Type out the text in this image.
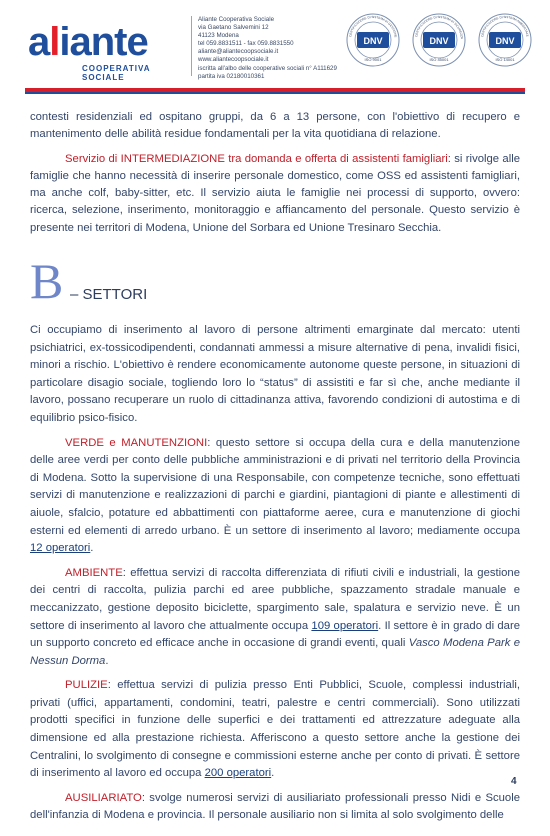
aliante
COOPERATIVA SOCIALE
Aliante Cooperativa Sociale
via Gaetano Salvemini 12
41123 Modena
tel 059.8831511 - fax 059.8831550
aliante@aliantecoopsociale.it
www.aliantecoopsociale.it
iscritta all'albo delle cooperative sociali n° A111629
partita iva 02180010361
DNV
ISO 9001
CERTIFICAZIONE DI SISTEMA DI GESTIONE	DNV
ISO 45001
CERTIFICAZIONE DI SISTEMA DI SICUREZZA	DNV
ISO 14001
CERTIFICAZIONE DI SISTEMA AMBIENTALE

contesti residenziali ed ospitano gruppi, da 6 a 13 persone, con l'obiettivo di recupero e mantenimento delle abilità residue fondamentali per la vita quotidiana di relazione.

Servizio di INTERMEDIAZIONE tra domanda e offerta di assistenti famigliari: si rivolge alle famiglie che hanno necessità di inserire personale domestico, come OSS ed assistenti famigliari, ma anche colf, baby-sitter, etc. Il servizio aiuta le famiglie nei processi di supporto, ovvero: ricerca, selezione, inserimento, monitoraggio e affiancamento del personale. Questo servizio è presente nei territori di Modena, Unione del Sorbara ed Unione Tresinaro Secchia.

B – SETTORI

Ci occupiamo di inserimento al lavoro di persone altrimenti emarginate dal mercato: utenti psichiatrici, ex-tossicodipendenti, condannati ammessi a misure alternative di pena, invalidi fisici, minori a rischio. L'obiettivo è rendere economicamente autonome queste persone, in situazioni di particolare disagio sociale, togliendo loro lo “status” di assistiti e far sì che, anche mediante il lavoro, possano recuperare un ruolo di cittadinanza attiva, favorendo condizioni di autostima e di equilibrio psico-fisico.

VERDE e MANUTENZIONI: questo settore si occupa della cura e della manutenzione delle aree verdi per conto delle pubbliche amministrazioni e di privati nel territorio della Provincia di Modena. Sotto la supervisione di una Responsabile, con competenze tecniche, sono effettuati servizi di manutenzione e realizzazioni di parchi e giardini, piantagioni di piante e allestimenti di aiuole, sfalcio, potature ed abbattimenti con piattaforme aeree, cura e manutenzione di giochi esterni ed elementi di arredo urbano. È un settore di inserimento al lavoro; mediamente occupa 12 operatori.

AMBIENTE: effettua servizi di raccolta differenziata di rifiuti civili e industriali, la gestione dei centri di raccolta, pulizia parchi ed aree pubbliche, spazzamento stradale manuale e meccanizzato, gestione deposito biciclette, spargimento sale, spalatura e servizio neve. È un settore di inserimento al lavoro che attualmente occupa 109 operatori. Il settore è in grado di dare un supporto concreto ed efficace anche in occasione di grandi eventi, quali Vasco Modena Park e Nessun Dorma.

PULIZIE: effettua servizi di pulizia presso Enti Pubblici, Scuole, complessi industriali, privati (uffici, appartamenti, condomini, teatri, palestre e centri commerciali). Sono utilizzati prodotti specifici in funzione delle superfici e dei trattamenti ed attrezzature adeguate alla dimensione ed alla prestazione richiesta. Afferiscono a questo settore anche la gestione dei Centralini, lo svolgimento di consegne e commissioni esterne anche per conto di privati. È settore di inserimento al lavoro ed occupa 200 operatori.

AUSILIARIATO: svolge numerosi servizi di ausiliariato professionali presso Nidi e Scuole dell'infanzia di Modena e provincia. Il personale ausiliario non si limita al solo svolgimento delle

4
